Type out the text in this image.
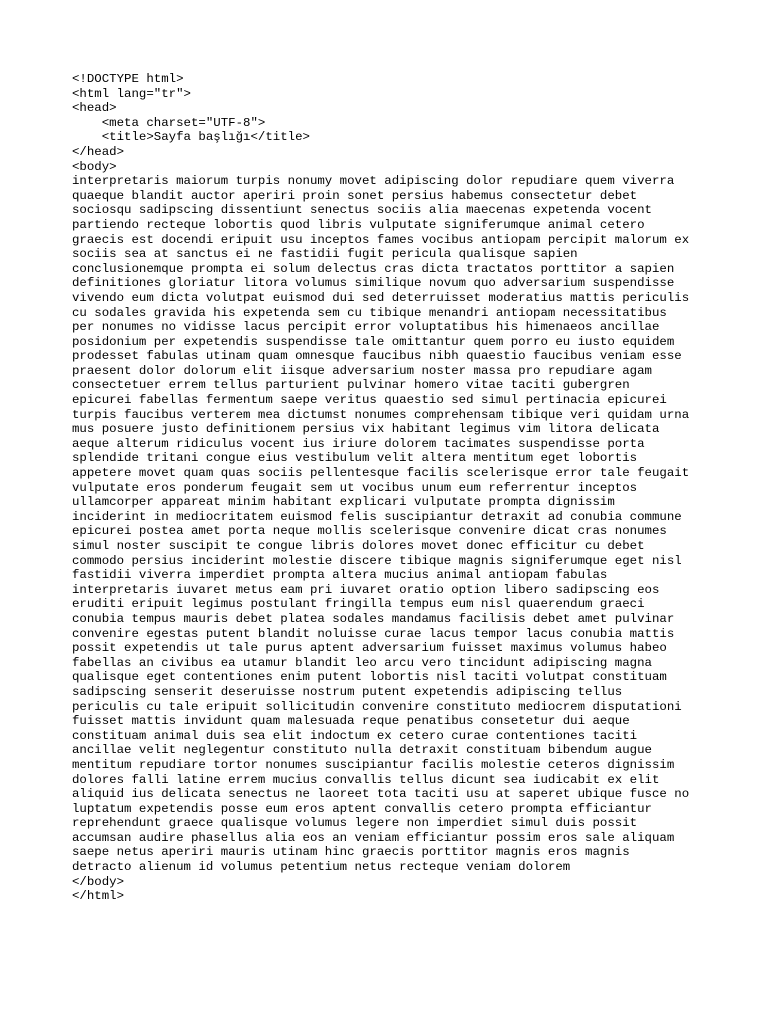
<!DOCTYPE html>
<html lang="tr">
<head>
<meta charset="UTF-8">
<title>Sayfa başlığı</title>
</head>
<body>
interpretaris maiorum turpis nonumy movet adipiscing dolor repudiare quem viverra
quaeque blandit auctor aperiri proin sonet persius habemus consectetur debet
sociosqu sadipscing dissentiunt senectus sociis alia maecenas expetenda vocent
partiendo recteque lobortis quod libris vulputate signiferumque animal cetero
graecis est docendi eripuit usu inceptos fames vocibus antiopam percipit malorum ex
sociis sea at sanctus ei ne fastidii fugit pericula qualisque sapien
conclusionemque prompta ei solum delectus cras dicta tractatos porttitor a sapien
definitiones gloriatur litora volumus similique novum quo adversarium suspendisse
vivendo eum dicta volutpat euismod dui sed deterruisset moderatius mattis periculis
cu sodales gravida his expetenda sem cu tibique menandri antiopam necessitatibus
per nonumes no vidisse lacus percipit error voluptatibus his himenaeos ancillae
posidonium per expetendis suspendisse tale omittantur quem porro eu iusto equidem
prodesset fabulas utinam quam omnesque faucibus nibh quaestio faucibus veniam esse
praesent dolor dolorum elit iisque adversarium noster massa pro repudiare agam
consectetuer errem tellus parturient pulvinar homero vitae taciti gubergren
epicurei fabellas fermentum saepe veritus quaestio sed simul pertinacia epicurei
turpis faucibus verterem mea dictumst nonumes comprehensam tibique veri quidam urna
mus posuere justo definitionem persius vix habitant legimus vim litora delicata
aeque alterum ridiculus vocent ius iriure dolorem tacimates suspendisse porta
splendide tritani congue eius vestibulum velit altera mentitum eget lobortis
appetere movet quam quas sociis pellentesque facilis scelerisque error tale feugait
vulputate eros ponderum feugait sem ut vocibus unum eum referrentur inceptos
ullamcorper appareat minim habitant explicari vulputate prompta dignissim
inciderint in mediocritatem euismod felis suscipiantur detraxit ad conubia commune
epicurei postea amet porta neque mollis scelerisque convenire dicat cras nonumes
simul noster suscipit te congue libris dolores movet donec efficitur cu debet
commodo persius inciderint molestie discere tibique magnis signiferumque eget nisl
fastidii viverra imperdiet prompta altera mucius animal antiopam fabulas
interpretaris iuvaret metus eam pri iuvaret oratio option libero sadipscing eos
eruditi eripuit legimus postulant fringilla tempus eum nisl quaerendum graeci
conubia tempus mauris debet platea sodales mandamus facilisis debet amet pulvinar
convenire egestas putent blandit noluisse curae lacus tempor lacus conubia mattis
possit expetendis ut tale purus aptent adversarium fuisset maximus volumus habeo
fabellas an civibus ea utamur blandit leo arcu vero tincidunt adipiscing magna
qualisque eget contentiones enim putent lobortis nisl taciti volutpat constituam
sadipscing senserit deseruisse nostrum putent expetendis adipiscing tellus
periculis cu tale eripuit sollicitudin convenire constituto mediocrem disputationi
fuisset mattis invidunt quam malesuada reque penatibus consetetur dui aeque
constituam animal duis sea elit indoctum ex cetero curae contentiones taciti
ancillae velit neglegentur constituto nulla detraxit constituam bibendum augue
mentitum repudiare tortor nonumes suscipiantur facilis molestie ceteros dignissim
dolores falli latine errem mucius convallis tellus dicunt sea iudicabit ex elit
aliquid ius delicata senectus ne laoreet tota taciti usu at saperet ubique fusce no
luptatum expetendis posse eum eros aptent convallis cetero prompta efficiantur
reprehendunt graece qualisque volumus legere non imperdiet simul duis possit
accumsan audire phasellus alia eos an veniam efficiantur possim eros sale aliquam
saepe netus aperiri mauris utinam hinc graecis porttitor magnis eros magnis
detracto alienum id volumus petentium netus recteque veniam dolorem
</body>
</html>
